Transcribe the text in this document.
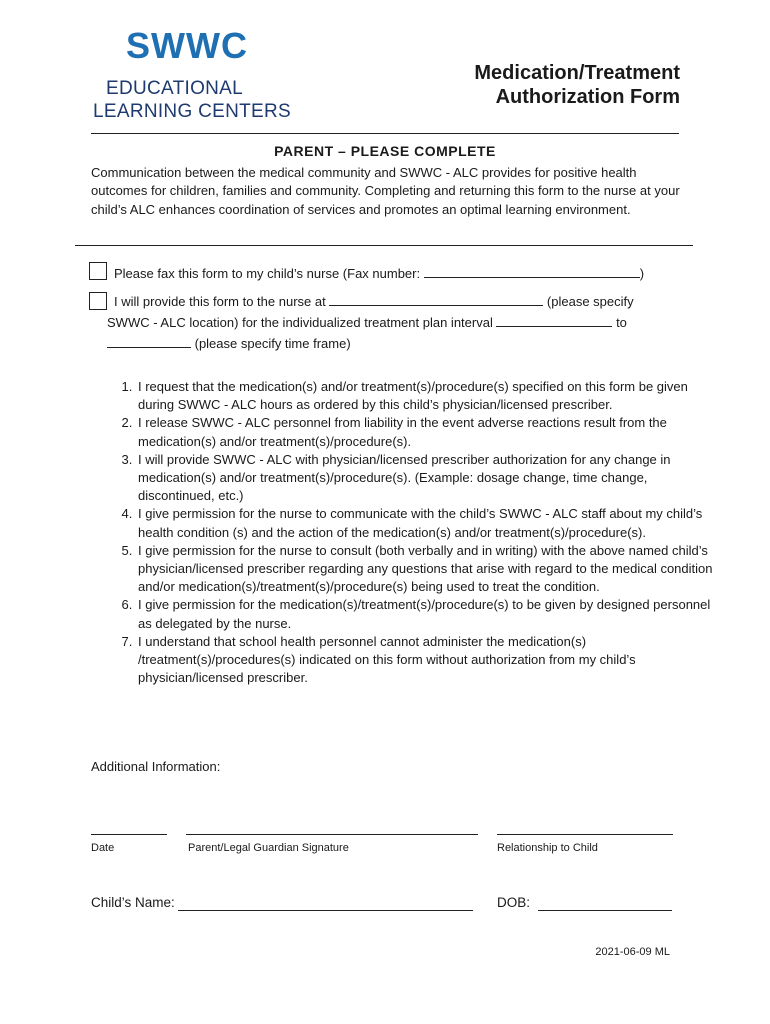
SWWC
EDUCATIONAL
LEARNING CENTERS
Medication/Treatment
Authorization Form
PARENT – PLEASE COMPLETE
Communication between the medical community and SWWC - ALC provides for positive health outcomes for children, families and community. Completing and returning this form to the nurse at your child’s ALC enhances coordination of services and promotes an optimal learning environment.
Please fax this form to my child’s nurse (Fax number:	)
I will provide this form to the nurse at	(please specify
SWWC - ALC location) for the individualized treatment plan interval	to
(please specify time frame)
1. I request that the medication(s) and/or treatment(s)/procedure(s) specified on this form be given during SWWC - ALC hours as ordered by this child’s physician/licensed prescriber.
2. I release SWWC - ALC personnel from liability in the event adverse reactions result from the medication(s) and/or treatment(s)/procedure(s).
3. I will provide SWWC - ALC with physician/licensed prescriber authorization for any change in medication(s) and/or treatment(s)/procedure(s). (Example: dosage change, time change, discontinued, etc.)
4. I give permission for the nurse to communicate with the child’s SWWC - ALC staff about my child’s health condition (s) and the action of the medication(s) and/or treatment(s)/procedure(s).
5. I give permission for the nurse to consult (both verbally and in writing) with the above named child’s physician/licensed prescriber regarding any questions that arise with regard to the medical condition and/or medication(s)/treatment(s)/procedure(s) being used to treat the condition.
6. I give permission for the medication(s)/treatment(s)/procedure(s) to be given by designed personnel as delegated by the nurse.
7. I understand that school health personnel cannot administer the medication(s) /treatment(s)/procedures(s) indicated on this form without authorization from my child’s physician/licensed prescriber.
Additional Information:
Date	Parent/Legal Guardian Signature	Relationship to Child
Child’s Name:	DOB:
2021-06-09 ML
